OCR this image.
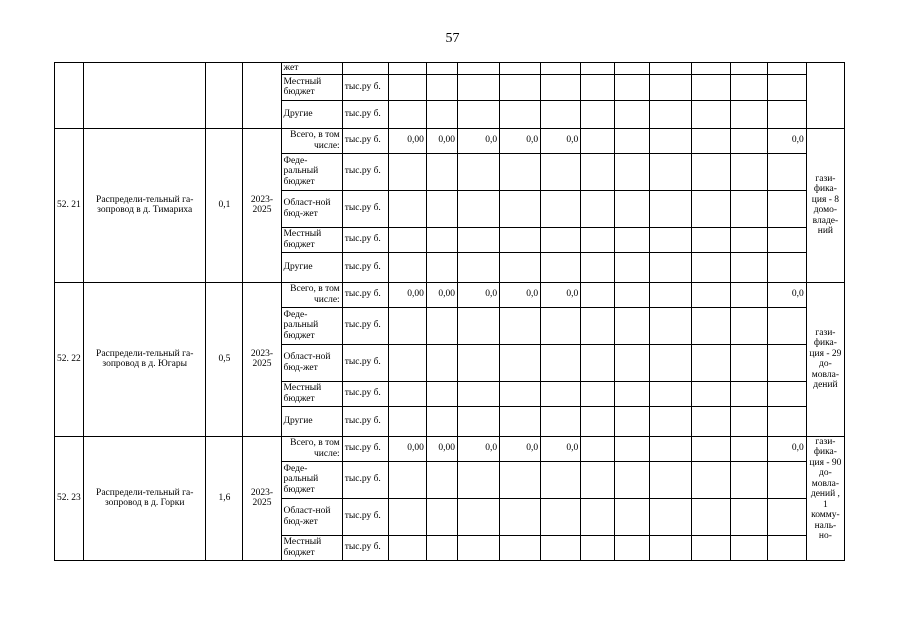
57
				жет													
				Местный бюджет	тыс.ру б.												
				Другие	тыс.ру б.												
52. 21	Распредели-тельный га-зопровод в д. Тимариха	0,1	2023-2025	Всего, в том числе:	тыс.ру б.	0,00	0,00	0,0	0,0	0,0						0,0	гази-фика-ция - 8 домо-владе-ний
				Феде-ральный бюджет	тыс.ру б.												
				Област-ной бюд-жет	тыс.ру б.												
				Местный бюджет	тыс.ру б.												
				Другие	тыс.ру б.												
52. 22	Распредели-тельный га-зопровод в д. Югары	0,5	2023-2025	Всего, в том числе:	тыс.ру б.	0,00	0,00	0,0	0,0	0,0						0,0	гази-фика-ция - 29 до-мовла-дений
				Феде-ральный бюджет	тыс.ру б.												
				Област-ной бюд-жет	тыс.ру б.												
				Местный бюджет	тыс.ру б.												
				Другие	тыс.ру б.												
52. 23	Распредели-тельный га-зопровод в д. Горки	1,6	2023-2025	Всего, в том числе:	тыс.ру б.	0,00	0,00	0,0	0,0	0,0						0,0	гази-фика-ция - 90 до-мовла-дений , 1 комму-наль-но-
				Феде-ральный бюджет	тыс.ру б.												
				Област-ной бюд-жет	тыс.ру б.												
				Местный бюджет	тыс.ру б.												
